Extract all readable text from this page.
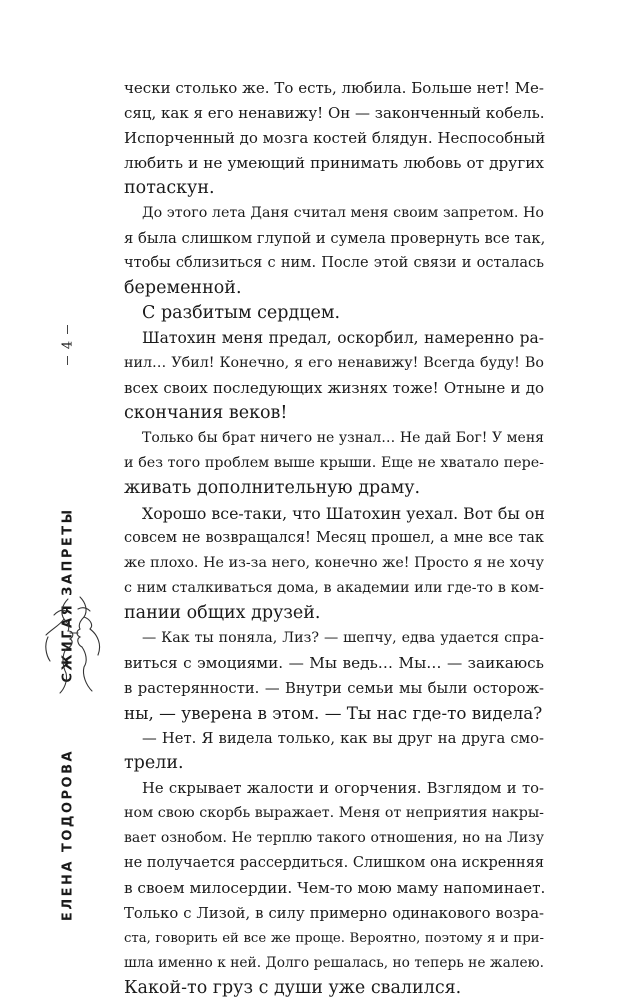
чески столько же. То есть, любила. Больше нет! Ме-
сяц, как я его ненавижу! Он — законченный кобель.
Испорченный до мозга костей блядун. Неспособный
любить и не умеющий принимать любовь от других
потаскун.
До этого лета Даня считал меня своим запретом. Но
я была слишком глупой и сумела провернуть все так,
чтобы сблизиться с ним. После этой связи и осталась
беременной.
С разбитым сердцем.
Шатохин меня предал, оскорбил, намеренно ра-
нил… Убил! Конечно, я его ненавижу! Всегда буду! Во
всех своих последующих жизнях тоже! Отныне и до
скончания веков!
Только бы брат ничего не узнал… Не дай Бог! У меня
и без того проблем выше крыши. Еще не хватало пере-
живать дополнительную драму.
Хорошо все-таки, что Шатохин уехал. Вот бы он
совсем не возвращался! Месяц прошел, а мне все так
же плохо. Не из-за него, конечно же! Просто я не хочу
с ним сталкиваться дома, в академии или где-то в ком-
пании общих друзей.
— Как ты поняла, Лиз? — шепчу, едва удается спра-
виться с эмоциями. — Мы ведь… Мы… — заикаюсь
в растерянности. — Внутри семьи мы были осторож-
ны, — уверена в этом. — Ты нас где-то видела?
— Нет. Я видела только, как вы друг на друга смо-
трели.
Не скрывает жалости и огорчения. Взглядом и то-
ном свою скорбь выражает. Меня от неприятия накры-
вает ознобом. Не терплю такого отношения, но на Лизу
не получается рассердиться. Слишком она искренняя
в своем милосердии. Чем-то мою маму напоминает.
Только с Лизой, в силу примерно одинакового возра-
ста, говорить ей все же проще. Вероятно, поэтому я и при-
шла именно к ней. Долго решалась, но теперь не жалею.
Какой-то груз с души уже свалился.
СЖИГАЯ ЗАПРЕТЫ
ЕЛЕНА ТОДОРОВА
4
